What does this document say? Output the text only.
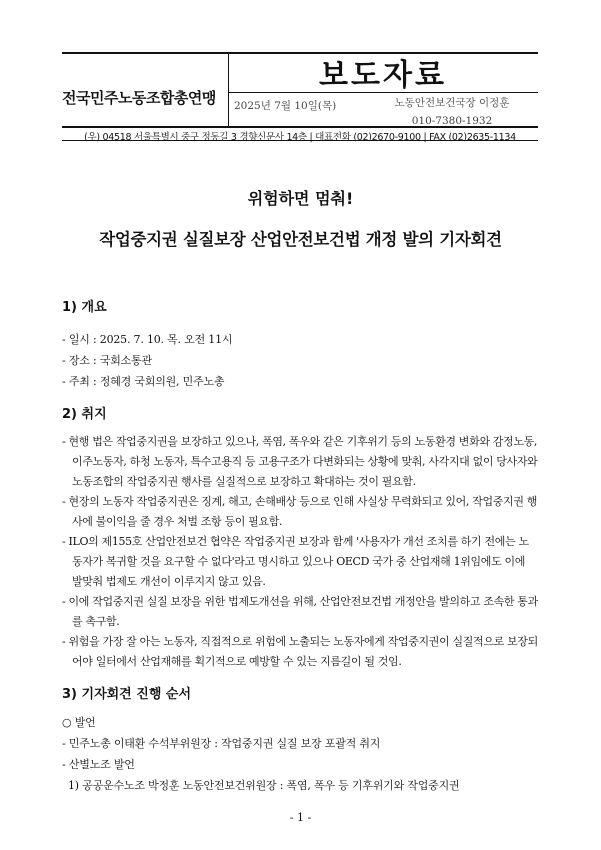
전국민주노동조합총연맹
보도자료
2025년 7월 10일(목)	노동안전보건국장 이정훈
010-7380-1932
(우) 04518 서울특별시 중구 정동길 3 경향신문사 14층 | 대표전화 (02)2670-9100 | FAX (02)2635-1134
위험하면 멈춰!
작업중지권 실질보장 산업안전보건법 개정 발의 기자회견
1) 개요
- 일시 : 2025. 7. 10. 목. 오전 11시
- 장소 : 국회소통관
- 주최 : 정혜경 국회의원, 민주노총
2) 취지
- 현행 법은 작업중지권을 보장하고 있으나, 폭염, 폭우와 같은 기후위기 등의 노동환경 변화와 감정노동, 이주노동자, 하청 노동자, 특수고용직 등 고용구조가 다변화되는 상황에 맞춰, 사각지대 없이 당사자와 노동조합의 작업중지권 행사를 실질적으로 보장하고 확대하는 것이 필요함.
- 현장의 노동자 작업중지권은 징계, 해고, 손해배상 등으로 인해 사실상 무력화되고 있어, 작업중지권 행사에 불이익을 줄 경우 처벌 조항 등이 필요함.
- ILO의 제155호 산업안전보건 협약은 작업중지권 보장과 함께 '사용자가 개선 조치를 하기 전에는 노동자가 복귀할 것을 요구할 수 없다'라고 명시하고 있으나 OECD 국가 중 산업재해 1위임에도 이에 발맞춰 법제도 개선이 이루지지 않고 있음.
- 이에 작업중지권 실질 보장을 위한 법제도개선을 위해, 산업안전보건법 개정안을 발의하고 조속한 통과를 촉구함.
- 위험을 가장 잘 아는 노동자, 직접적으로 위험에 노출되는 노동자에게 작업중지권이 실질적으로 보장되어야 일터에서 산업재해를 획기적으로 예방할 수 있는 지름길이 될 것임.
3) 기자회견 진행 순서
○ 발언
- 민주노총 이태환 수석부위원장 : 작업중지권 실질 보장 포괄적 취지
- 산별노조 발언
1) 공공운수노조 박정훈 노동안전보건위원장 : 폭염, 폭우 등 기후위기와 작업중지권
- 1 -
